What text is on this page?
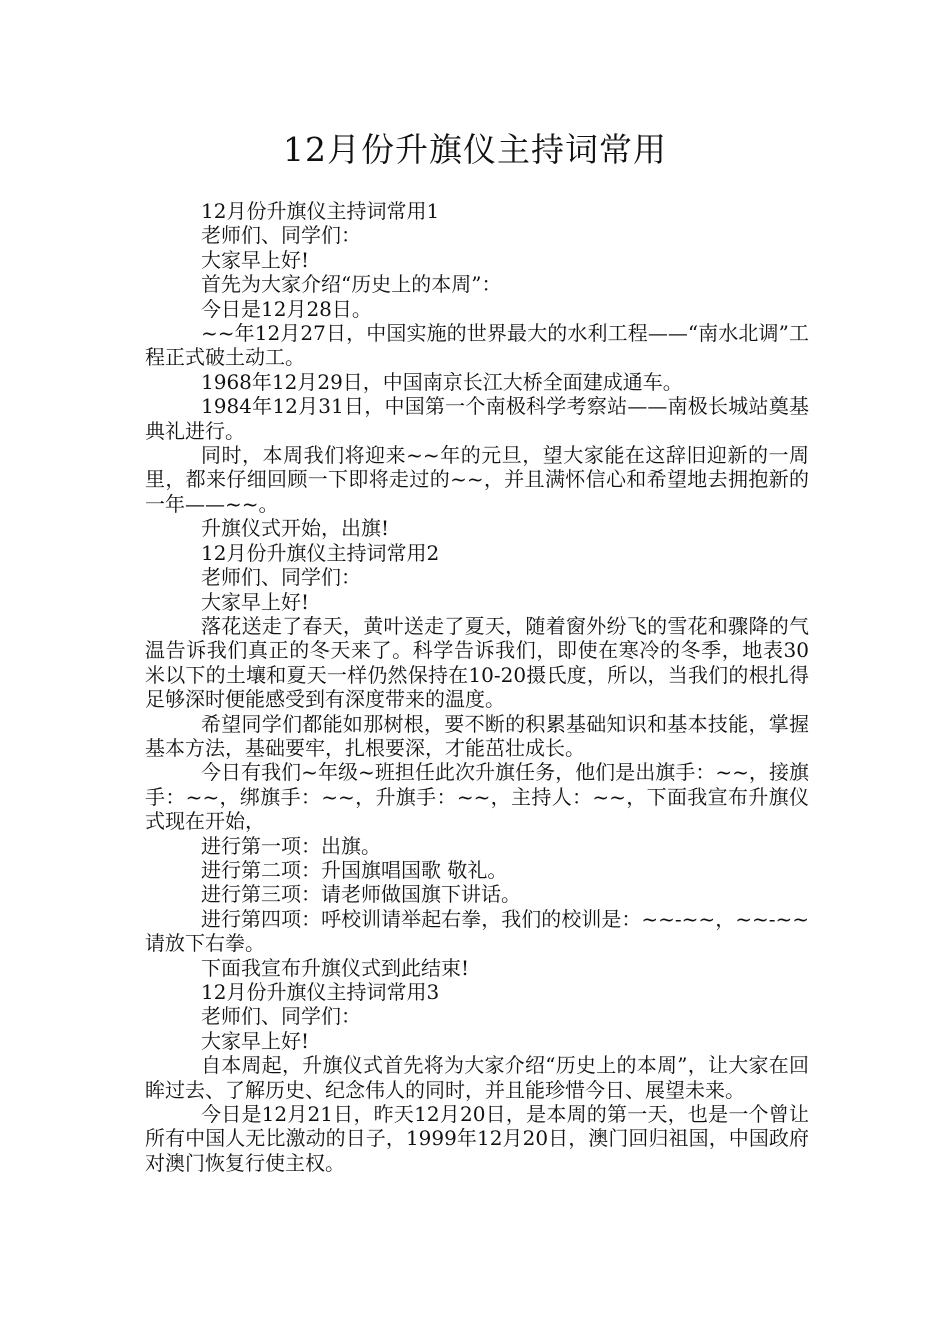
12月份升旗仪主持词常用

12月份升旗仪主持词常用1

老师们、同学们：

大家早上好!

首先为大家介绍“历史上的本周”：

今日是12月28日。

~~年12月27日，中国实施的世界最大的水利工程——“南水北调”工程正式破土动工。

1968年12月29日，中国南京长江大桥全面建成通车。

1984年12月31日，中国第一个南极科学考察站——南极长城站奠基典礼进行。

同时，本周我们将迎来~~年的元旦，望大家能在这辞旧迎新的一周里，都来仔细回顾一下即将走过的~~，并且满怀信心和希望地去拥抱新的一年——~~。

升旗仪式开始，出旗!

12月份升旗仪主持词常用2

老师们、同学们：

大家早上好!

落花送走了春天，黄叶送走了夏天，随着窗外纷飞的雪花和骤降的气温告诉我们真正的冬天来了。科学告诉我们，即使在寒冷的冬季，地表30米以下的土壤和夏天一样仍然保持在10-20摄氏度，所以，当我们的根扎得足够深时便能感受到有深度带来的温度。

希望同学们都能如那树根，要不断的积累基础知识和基本技能，掌握基本方法，基础要牢，扎根要深，才能茁壮成长。

今日有我们~年级~班担任此次升旗任务，他们是出旗手：~~，接旗手：~~，绑旗手：~~，升旗手：~~，主持人：~~，下面我宣布升旗仪式现在开始，

进行第一项：出旗。

进行第二项：升国旗唱国歌 敬礼。

进行第三项：请老师做国旗下讲话。

进行第四项：呼校训请举起右拳，我们的校训是：~~-~~，~~-~~请放下右拳。

下面我宣布升旗仪式到此结束!

12月份升旗仪主持词常用3

老师们、同学们：

大家早上好!

自本周起，升旗仪式首先将为大家介绍“历史上的本周”，让大家在回眸过去、了解历史、纪念伟人的同时，并且能珍惜今日、展望未来。

今日是12月21日，昨天12月20日，是本周的第一天，也是一个曾让所有中国人无比激动的日子，1999年12月20日，澳门回归祖国，中国政府对澳门恢复行使主权。
